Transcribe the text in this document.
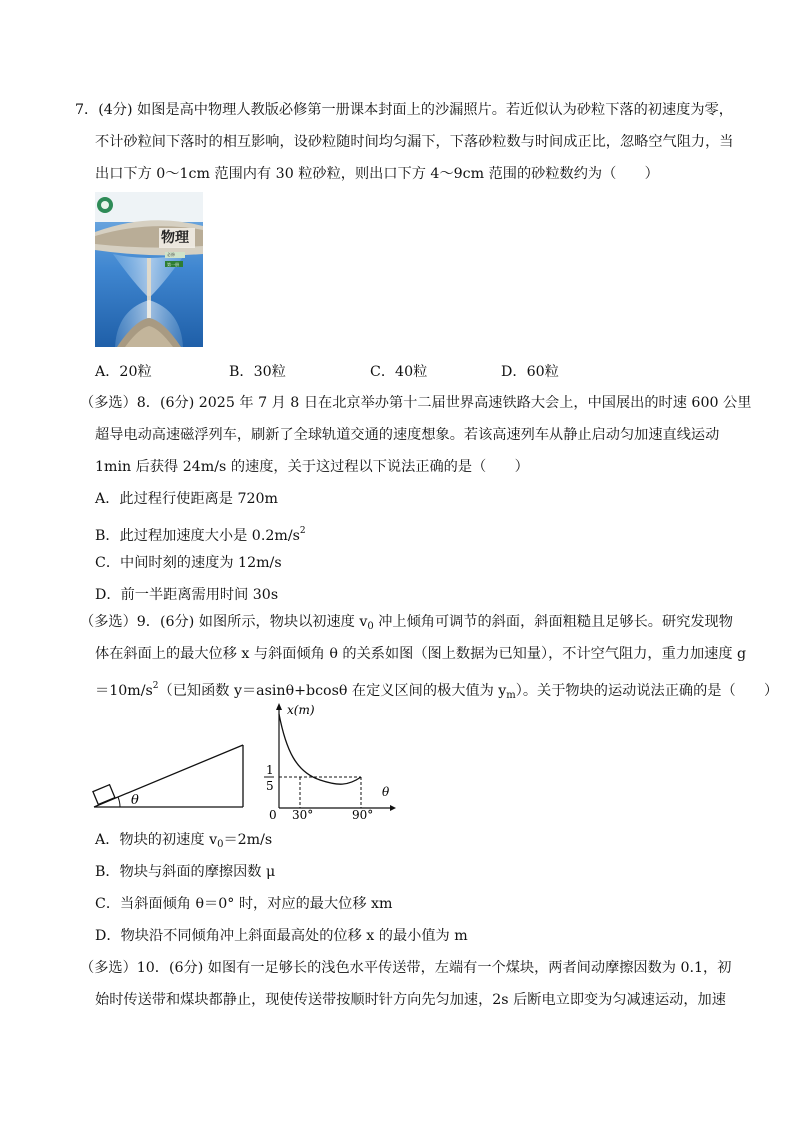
7．(4分) 如图是高中物理人教版必修第一册课本封面上的沙漏照片。若近似认为砂粒下落的初速度为零，
不计砂粒间下落时的相互影响，设砂粒随时间均匀漏下，下落砂粒数与时间成正比，忽略空气阻力，当
出口下方 0～1cm 范围内有 30 粒砂粒，则出口下方 4～9cm 范围的砂粒数约为（　　）
物理
必修
第一册
A．20粒	B．30粒	C．40粒	D．60粒
（多选）8．(6分) 2025 年 7 月 8 日在北京举办第十二届世界高速铁路大会上，中国展出的时速 600 公里
超导电动高速磁浮列车，刷新了全球轨道交通的速度想象。若该高速列车从静止启动匀加速直线运动
1min 后获得 24m/s 的速度，关于这过程以下说法正确的是（　　）
A．此过程行使距离是 720m
B．此过程加速度大小是 $0.2m/s^2$
C．中间时刻的速度为 12m/s
D．前一半距离需用时间 30s
（多选）9．(6分) 如图所示，物块以初速度 $v_0$ 冲上倾角可调节的斜面，斜面粗糙且足够长。研究发现物
体在斜面上的最大位移 x 与斜面倾角 θ 的关系如图（图上数据为已知量），不计空气阻力，重力加速度 g
$=10m/s^2$（已知函数 y＝asinθ+bcosθ 在定义区间的极大值为 $y_m$）。关于物块的运动说法正确的是（　　）
θ
x(m)
θ
1
5
0 30°	90°
A．物块的初速度 $v_0=2m/s$
B．物块与斜面的摩擦因数 μ
C．当斜面倾角 θ＝0° 时，对应的最大位移 xm
D．物块沿不同倾角冲上斜面最高处的位移 x 的最小值为 m
（多选）10．(6分) 如图有一足够长的浅色水平传送带，左端有一个煤块，两者间动摩擦因数为 0.1，初
始时传送带和煤块都静止，现使传送带按顺时针方向先匀加速，2s 后断电立即变为匀减速运动，加速
